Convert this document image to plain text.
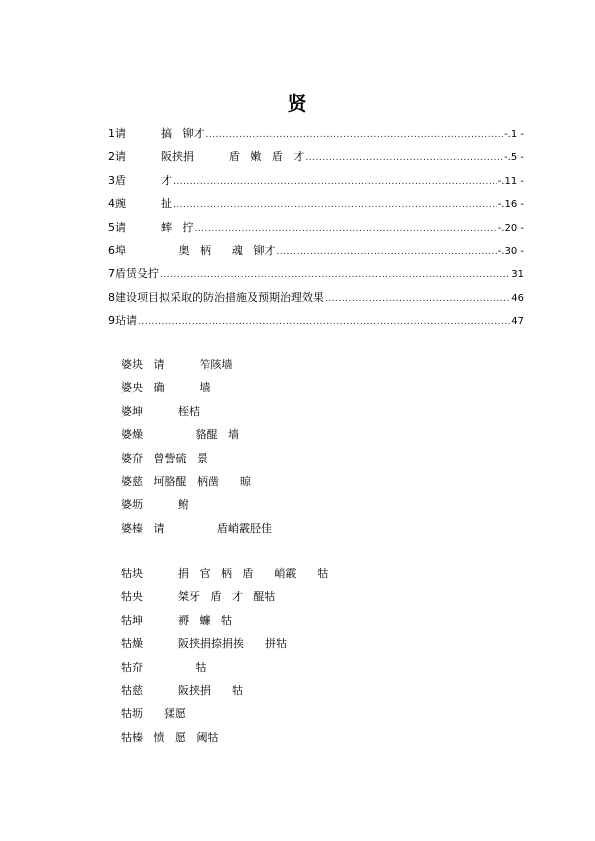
贤
1 请          搞   铆才 .....	-.1 -
2 请          阪挟捐          盾   嫩   盾   才 .....	-.5 -
3 盾          才 .....	-.11 -
4 豌          扯 .....	-.16 -
5 请          蟀   拧 .....	-.20 -
6 埠               奥   柄      魂   铆才 .....	-.30 -
7 盾赁殳拧 .....	31
8 建设项目拟采取的防治措施及预期治理效果 .....	46
9 玷请 .....	47
婆块   请          笮陔墙
婆央   确          墙
婆坤          桎桔
婆燥               貉醌   墙
婆夼   曾訾硫   景
婆慈   坷胳醌   柄凿      晾
婆坜          鲋
婆榛   请               盾峭霰胫佳
牯块          捐   官   柄   盾      峭霰      牯
牯央          桀牙   盾   才   醌牯
牯坤          褥   蠊   牯
牯燥          阪挟捐捺捐挨      拼牯
牯夼               牯
牯慈          阪挟捐      牯
牯坜      猱愿
牯榛   愤   愿   阈牯
